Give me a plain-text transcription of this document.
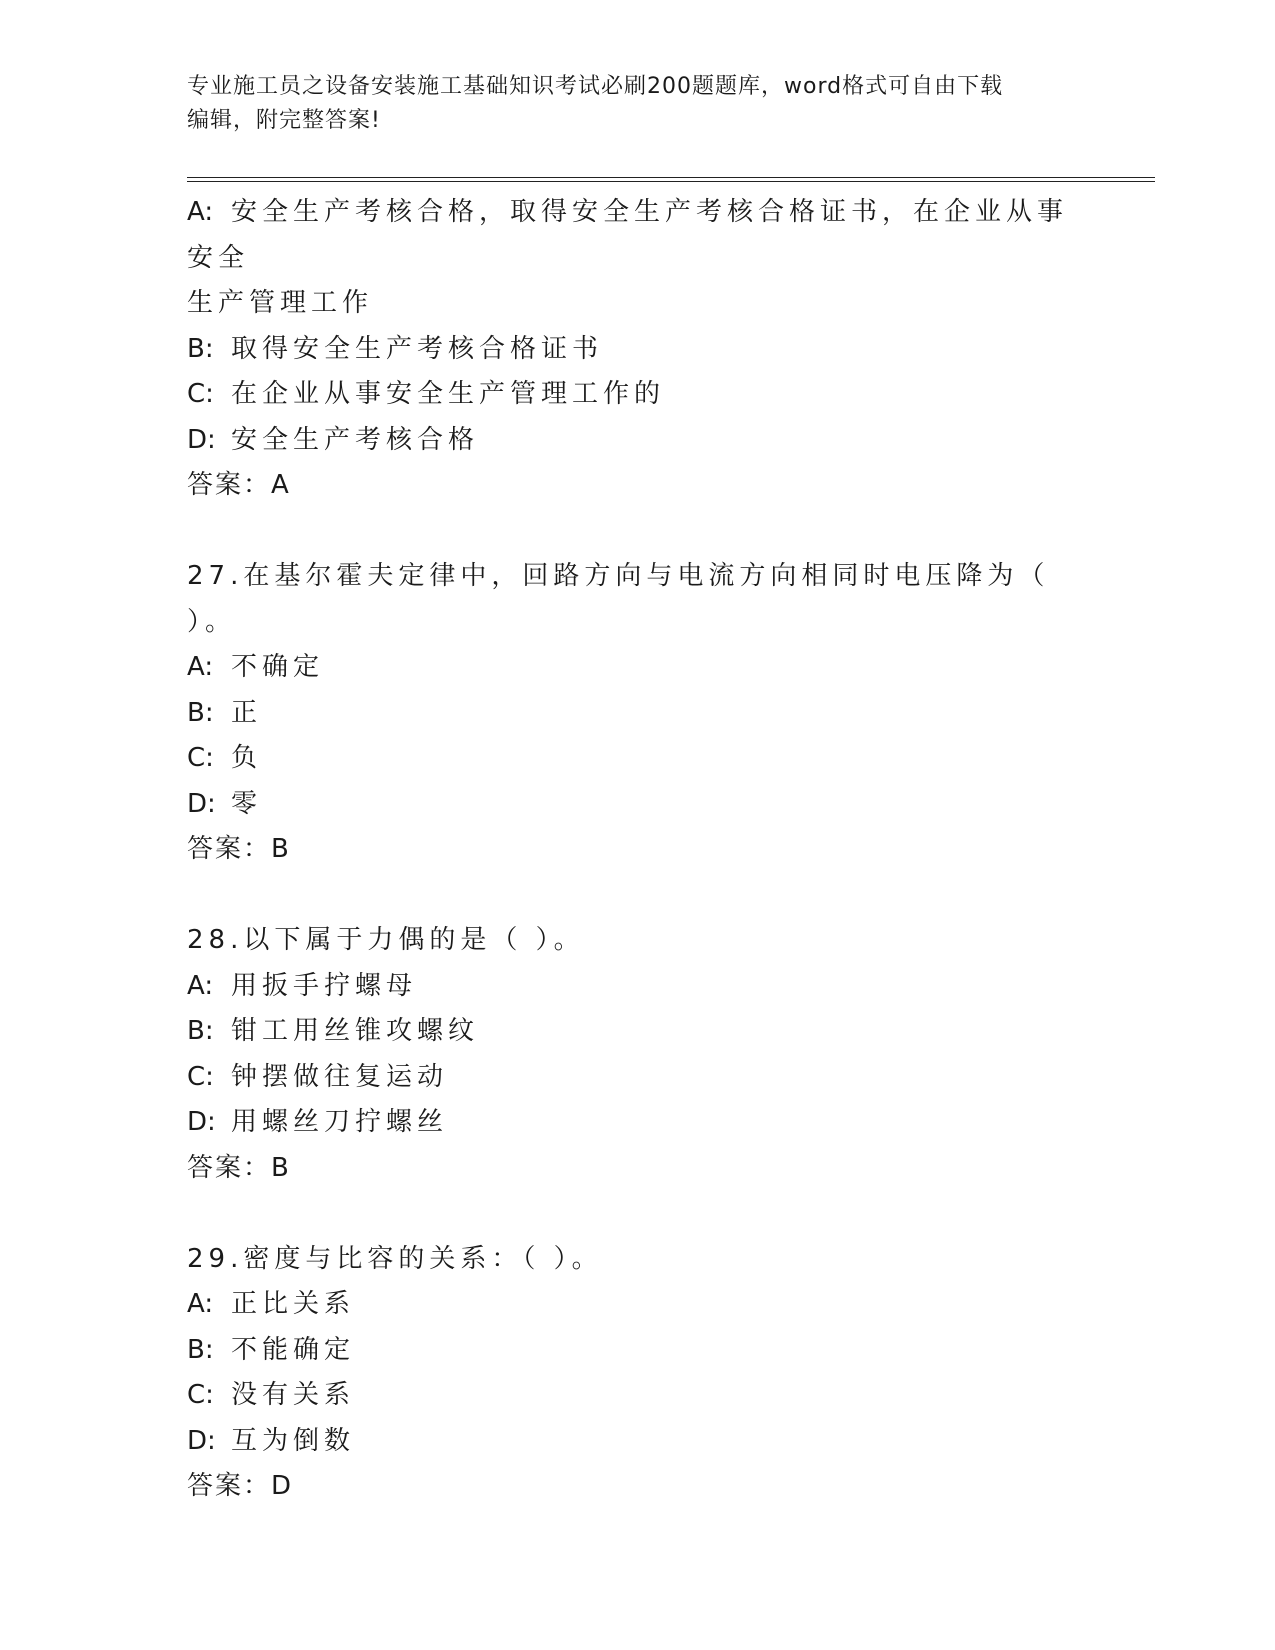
专业施工员之设备安装施工基础知识考试必刷200题题库，word格式可自由下载
编辑，附完整答案!
A: 安全生产考核合格，取得安全生产考核合格证书，在企业从事安全
生产管理工作
B: 取得安全生产考核合格证书
C: 在企业从事安全生产管理工作的
D: 安全生产考核合格
答案：A
27.在基尔霍夫定律中，回路方向与电流方向相同时电压降为（ ）。
A: 不确定
B: 正
C: 负
D: 零
答案：B
28.以下属于力偶的是（ ）。
A: 用扳手拧螺母
B: 钳工用丝锥攻螺纹
C: 钟摆做往复运动
D: 用螺丝刀拧螺丝
答案：B
29.密度与比容的关系：（ ）。
A: 正比关系
B: 不能确定
C: 没有关系
D: 互为倒数
答案：D
